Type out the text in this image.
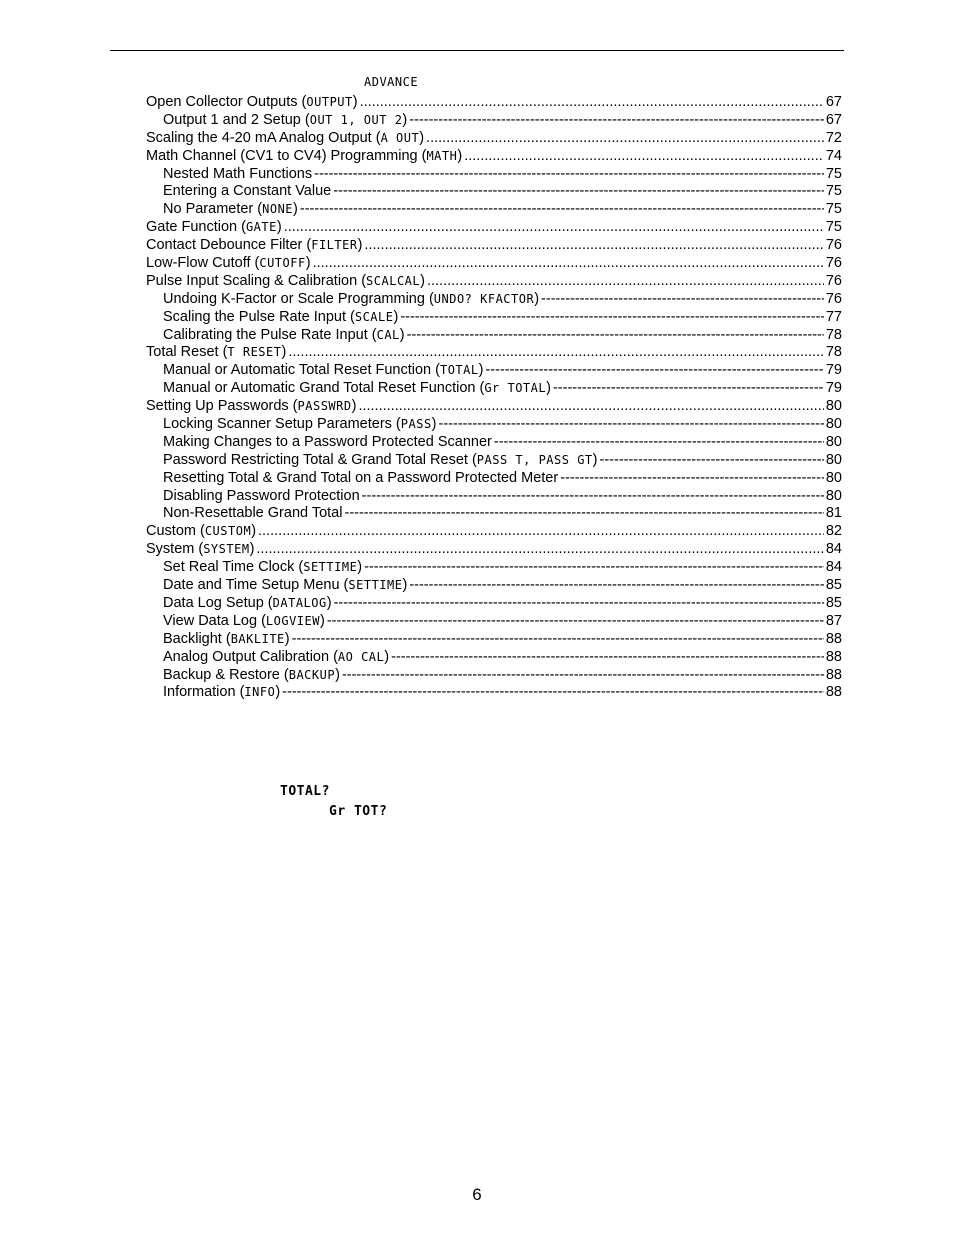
ADVANCE
Open Collector Outputs (OUTPUT) .....	67
Output 1 and 2 Setup (OUT 1, OUT 2) -----	67
Scaling the 4-20 mA Analog Output (A OUT) .....	72
Math Channel (CV1 to CV4) Programming (MATH) .....	74
Nested Math Functions -----	75
Entering a Constant Value -----	75
No Parameter (NONE) -----	75
Gate Function (GATE) .....	75
Contact Debounce Filter (FILTER) .....	76
Low-Flow Cutoff (CUTOFF) .....	76
Pulse Input Scaling & Calibration (SCALCAL) .....	76
Undoing K-Factor or Scale Programming (UNDO? KFACTOR) -----	76
Scaling the Pulse Rate Input (SCALE) -----	77
Calibrating the Pulse Rate Input (CAL) -----	78
Total Reset (T RESET) .....	78
Manual or Automatic Total Reset Function (TOTAL) -----	79
Manual or Automatic Grand Total Reset Function (Gr TOTAL) -----	79
Setting Up Passwords (PASSWRD) .....	80
Locking Scanner Setup Parameters (PASS) -----	80
Making Changes to a Password Protected Scanner -----	80
Password Restricting Total & Grand Total Reset (PASS T, PASS GT) -----	80
Resetting Total & Grand Total on a Password Protected Meter -----	80
Disabling Password Protection -----	80
Non-Resettable Grand Total -----	81
Custom (CUSTOM) .....	82
System (SYSTEM) .....	84
Set Real Time Clock (SETTIME) -----	84
Date and Time Setup Menu (SETTIME) -----	85
Data Log Setup (DATALOG) -----	85
View Data Log (LOGVIEW) -----	87
Backlight (BAKLITE) -----	88
Analog Output Calibration (AO CAL) -----	88
Backup & Restore (BACKUP) -----	88
Information (INFO) -----	88
TOTAL?
Gr TOT?
6
